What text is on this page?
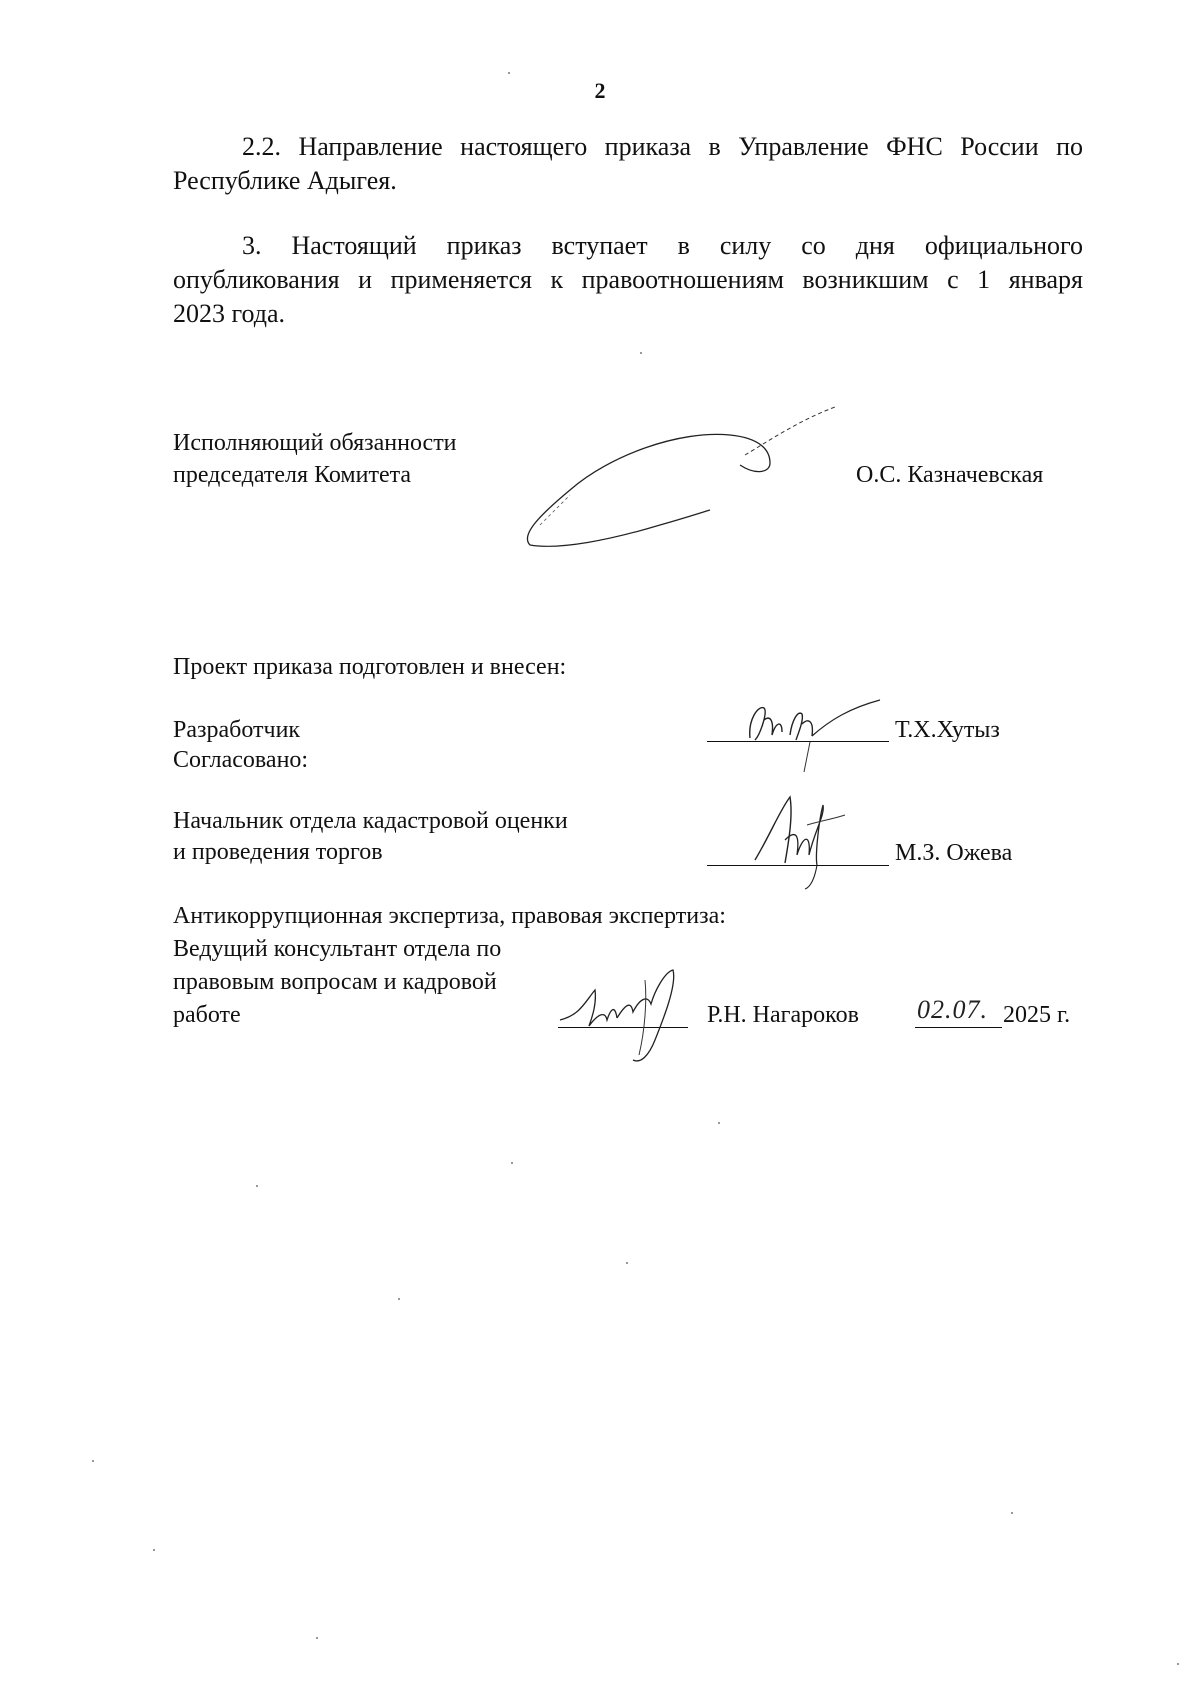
2
2.2. Направление настоящего приказа в Управление ФНС России по
Республике Адыгея.
3. Настоящий приказ вступает в силу со дня официального
опубликования и применяется к правоотношениям возникшим с 1 января
2023 года.
Исполняющий обязанности
председателя Комитета	О.С. Казначевская
Проект приказа подготовлен и внесен:
Разработчик
Согласовано:
Т.Х.Хутыз
Начальник отдела кадастровой оценки
и проведения торгов	М.З. Ожева
Антикоррупционная экспертиза, правовая экспертиза:
Ведущий консультант отдела по
правовым вопросам и кадровой
работе	Р.Н. Нагароков 02.07. 2025 г.
